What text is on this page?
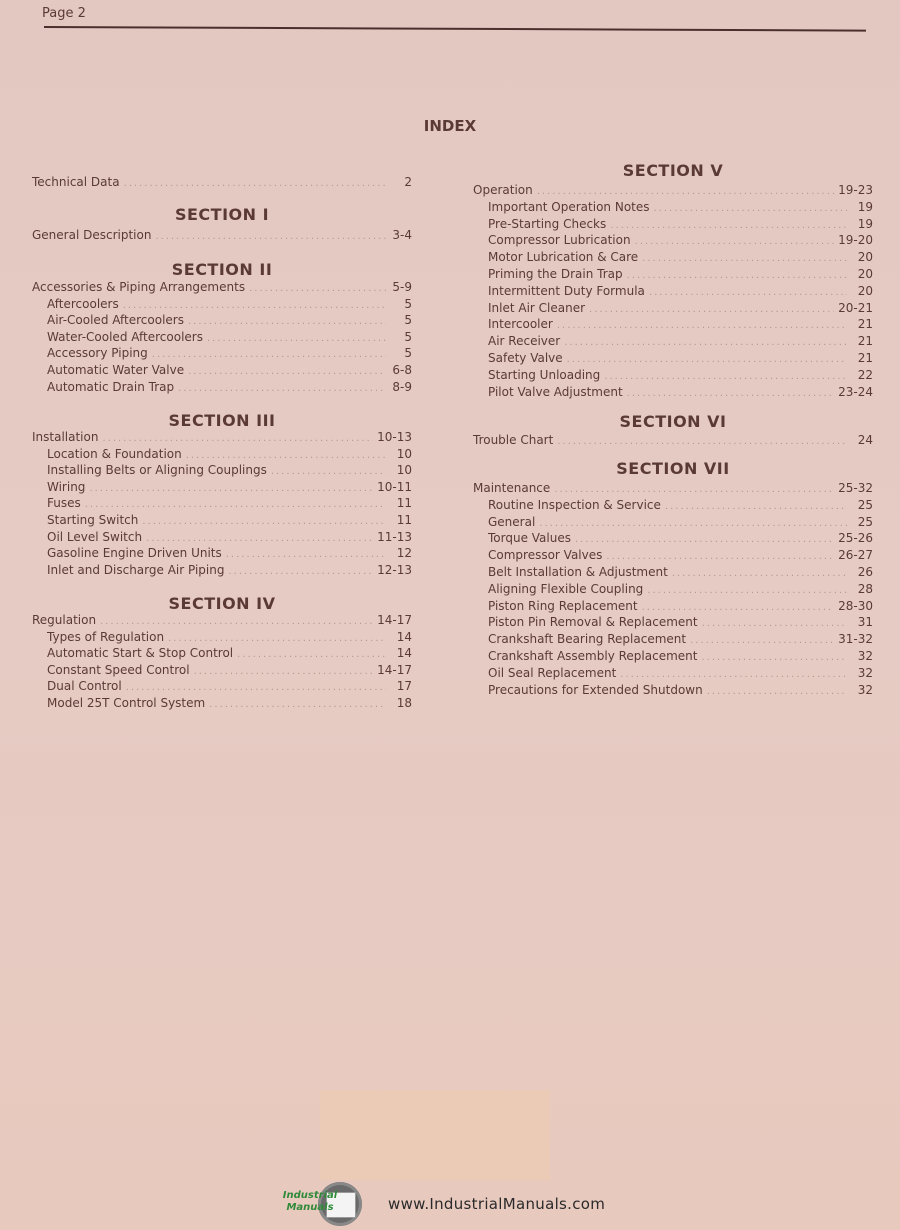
Page 2
INDEX
Technical Data .....	2
SECTION I
General Description .....	3-4
SECTION II
Accessories & Piping Arrangements .....	5-9
Aftercoolers .....	5
Air-Cooled Aftercoolers .....	5
Water-Cooled Aftercoolers .....	5
Accessory Piping .....	5
Automatic Water Valve .....	6-8
Automatic Drain Trap .....	8-9
SECTION III
Installation .....	10-13
Location & Foundation .....	10
Installing Belts or Aligning Couplings .....	10
Wiring .....	10-11
Fuses .....	11
Starting Switch .....	11
Oil Level Switch .....	11-13
Gasoline Engine Driven Units .....	12
Inlet and Discharge Air Piping .....	12-13
SECTION IV
Regulation .....	14-17
Types of Regulation .....	14
Automatic Start & Stop Control .....	14
Constant Speed Control .....	14-17
Dual Control .....	17
Model 25T Control System .....	18
SECTION V
Operation .....	19-23
Important Operation Notes .....	19
Pre-Starting Checks .....	19
Compressor Lubrication .....	19-20
Motor Lubrication & Care .....	20
Priming the Drain Trap .....	20
Intermittent Duty Formula .....	20
Inlet Air Cleaner .....	20-21
Intercooler .....	21
Air Receiver .....	21
Safety Valve .....	21
Starting Unloading .....	22
Pilot Valve Adjustment .....	23-24
SECTION VI
Trouble Chart .....	24
SECTION VII
Maintenance .....	25-32
Routine Inspection & Service .....	25
General .....	25
Torque Values .....	25-26
Compressor Valves .....	26-27
Belt Installation & Adjustment .....	26
Aligning Flexible Coupling .....	28
Piston Ring Replacement .....	28-30
Piston Pin Removal & Replacement .....	31
Crankshaft Bearing Replacement .....	31-32
Crankshaft Assembly Replacement .....	32
Oil Seal Replacement .....	32
Precautions for Extended Shutdown .....	32
Industrial
Manuals	www.IndustrialManuals.com
